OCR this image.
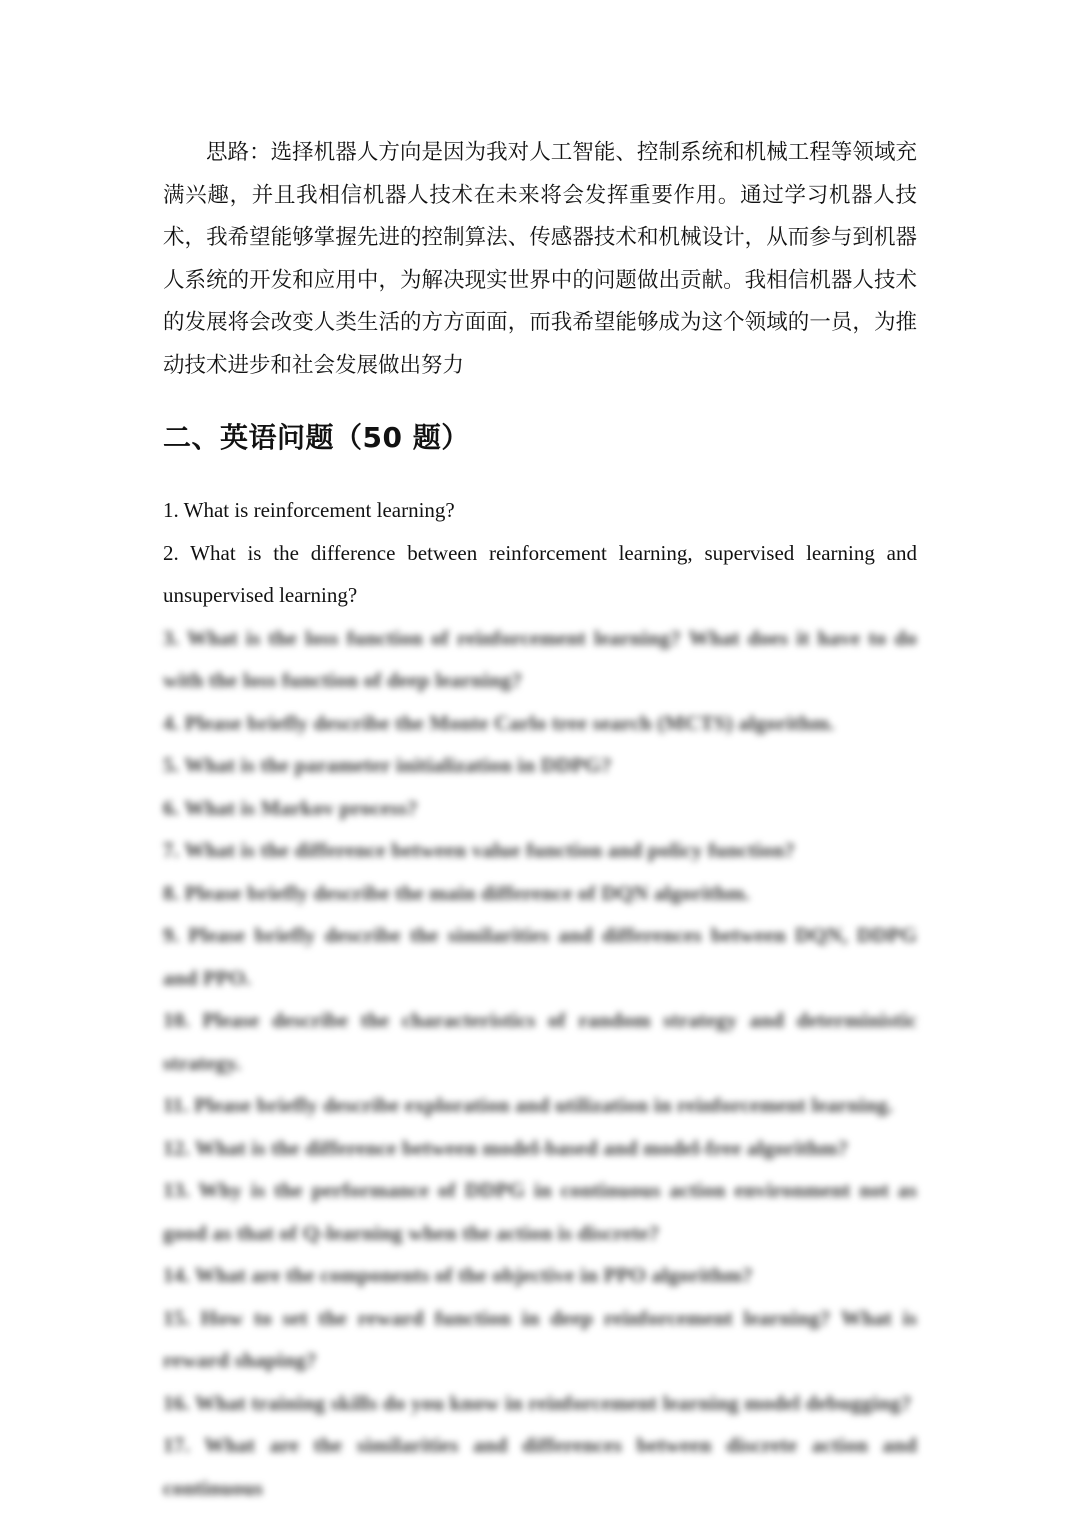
思路：选择机器人方向是因为我对人工智能、控制系统和机械工程等领域充满兴趣，并且我相信机器人技术在未来将会发挥重要作用。通过学习机器人技术，我希望能够掌握先进的控制算法、传感器技术和机械设计，从而参与到机器人系统的开发和应用中，为解决现实世界中的问题做出贡献。我相信机器人技术的发展将会改变人类生活的方方面面，而我希望能够成为这个领域的一员，为推动技术进步和社会发展做出努力

二、英语问题（50 题）
1. What is reinforcement learning?
2. What is the difference between reinforcement learning, supervised learning and unsupervised learning?
3. What is the loss function of reinforcement learning? What does it have to do with the loss function of deep learning?
4. Please briefly describe the Monte Carlo tree search (MCTS) algorithm.
5. What is the parameter initialization in DDPG?
6. What is Markov process?
7. What is the difference between value function and policy function?
8. Please briefly describe the main difference of DQN algorithm.
9. Please briefly describe the similarities and differences between DQN, DDPG and PPO.
10. Please describe the characteristics of random strategy and deterministic strategy.
11. Please briefly describe exploration and utilization in reinforcement learning.
12. What is the difference between model-based and model-free algorithm?
13. Why is the performance of DDPG in continuous action environment not as good as that of Q-learning when the action is discrete?
14. What are the components of the objective in PPO algorithm?
15. How to set the reward function in deep reinforcement learning? What is reward shaping?
16. What training skills do you know in reinforcement learning model debugging?
17. What are the similarities and differences between discrete action and continuous
